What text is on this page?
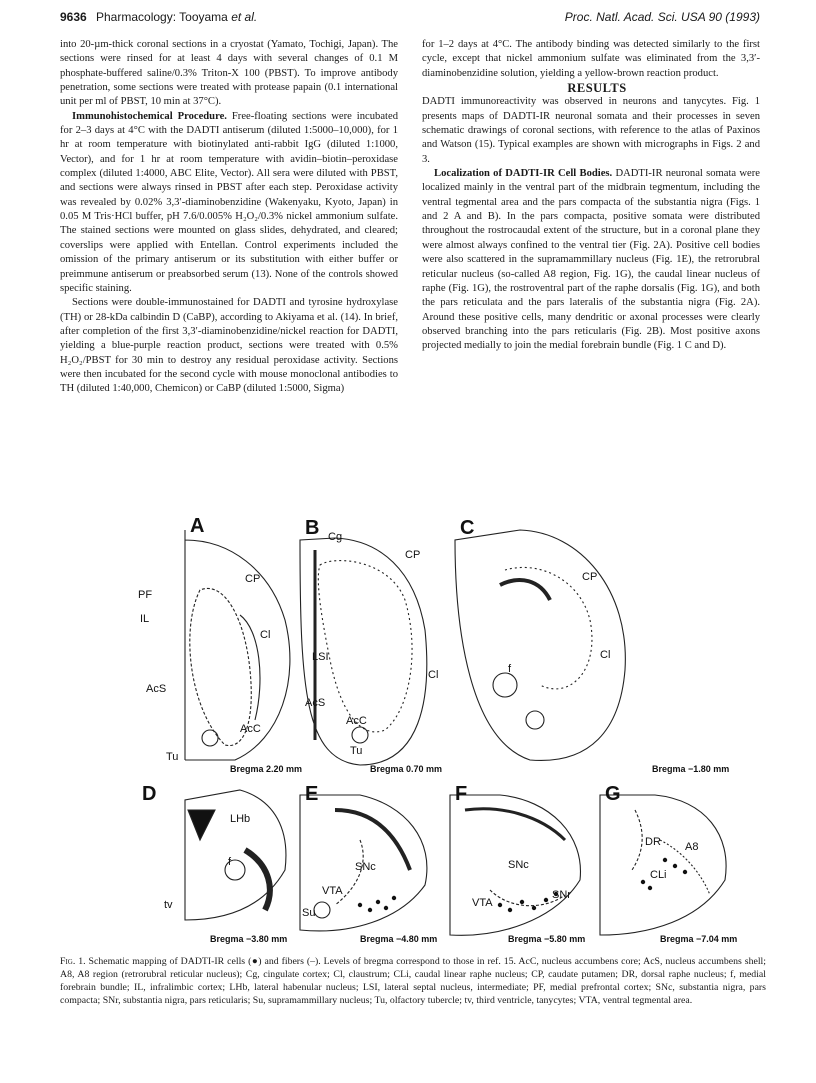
9636 Pharmacology: Tooyama et al.	Proc. Natl. Acad. Sci. USA 90 (1993)

into 20-µm-thick coronal sections in a cryostat (Yamato, Tochigi, Japan). The sections were rinsed for at least 4 days with several changes of 0.1 M phosphate-buffered saline/0.3% Triton-X 100 (PBST). To improve antibody penetration, some sections were treated with protease papain (0.1 international unit per ml of PBST, 10 min at 37°C).

Immunohistochemical Procedure. Free-floating sections were incubated for 2–3 days at 4°C with the DADTI antiserum (diluted 1:5000–10,000), for 1 hr at room temperature with biotinylated anti-rabbit IgG (diluted 1:1000, Vector), and for 1 hr at room temperature with avidin–biotin–peroxidase complex (diluted 1:4000, ABC Elite, Vector). All sera were diluted with PBST, and sections were always rinsed in PBST after each step. Peroxidase activity was revealed by 0.02% 3,3′-diaminobenzidine (Wakenyaku, Kyoto, Japan) in 0.05 M Tris·HCl buffer, pH 7.6/0.005% H₂O₂/0.3% nickel ammonium sulfate. The stained sections were mounted on glass slides, dehydrated, and cleared; coverslips were applied with Entellan. Control experiments included the omission of the primary antiserum or its substitution with either buffer or preimmune antiserum or preabsorbed serum (13). None of the controls showed specific staining.

Sections were double-immunostained for DADTI and tyrosine hydroxylase (TH) or 28-kDa calbindin D (CaBP), according to Akiyama et al. (14). In brief, after completion of the first 3,3′-diaminobenzidine/nickel reaction for DADTI, yielding a blue-purple reaction product, sections were treated with 0.5% H₂O₂/PBST for 30 min to destroy any residual peroxidase activity. Sections were then incubated for the second cycle with mouse monoclonal antibodies to TH (diluted 1:40,000, Chemicon) or CaBP (diluted 1:5000, Sigma)

for 1–2 days at 4°C. The antibody binding was detected similarly to the first cycle, except that nickel ammonium sulfate was eliminated from the 3,3′-diaminobenzidine solution, yielding a yellow-brown reaction product.

RESULTS

DADTI immunoreactivity was observed in neurons and tanycytes. Fig. 1 presents maps of DADTI-IR neuronal somata and their processes in seven schematic drawings of coronal sections, with reference to the atlas of Paxinos and Watson (15). Typical examples are shown with micrographs in Figs. 2 and 3.

Localization of DADTI-IR Cell Bodies. DADTI-IR neuronal somata were localized mainly in the ventral part of the midbrain tegmentum, including the ventral tegmental area and the pars compacta of the substantia nigra (Figs. 1 and 2 A and B). In the pars compacta, positive somata were distributed throughout the rostrocaudal extent of the structure, but in a coronal plane they were almost always confined to the ventral tier (Fig. 2A). Positive cell bodies were also scattered in the supramammillary nucleus (Fig. 1E), the retrorubral reticular nucleus (so-called A8 region, Fig. 1G), the caudal linear nucleus of raphe (Fig. 1G), the rostroventral part of the raphe dorsalis (Fig. 1G), and both the pars reticulata and the pars lateralis of the substantia nigra (Fig. 2A). Around these positive cells, many dendritic or axonal processes were clearly observed branching into the pars reticularis (Fig. 2B). Most positive axons projected medially to join the medial forebrain bundle (Fig. 1 C and D).

A	B	C
D	E	F	G
PF
IL
CP
Cl
AcS
AcC
Tu
Cg
CP
LSI
Cl
AcS
AcC
Tu
CP
Cl
f
LHb
f
tv
SNc
VTA
Su
SNc
VTA
SNr
DR A8
CLi
Bregma 2.20 mm	Bregma 0.70 mm	Bregma −1.80 mm
Bregma −3.80 mm	Bregma −4.80 mm	Bregma −5.80 mm	Bregma −7.04 mm
Fig. 1. Schematic mapping of DADTI-IR cells (●) and fibers (–). Levels of bregma correspond to those in ref. 15. AcC, nucleus accumbens core; AcS, nucleus accumbens shell; A8, A8 region (retrorubral reticular nucleus); Cg, cingulate cortex; Cl, claustrum; CLi, caudal linear raphe nucleus; CP, caudate putamen; DR, dorsal raphe nucleus; f, medial forebrain bundle; IL, infralimbic cortex; LHb, lateral habenular nucleus; LSI, lateral septal nucleus, intermediate; PF, medial prefrontal cortex; SNc, substantia nigra, pars compacta; SNr, substantia nigra, pars reticularis; Su, supramammillary nucleus; Tu, olfactory tubercle; tv, third ventricle, tanycytes; VTA, ventral tegmental area.
